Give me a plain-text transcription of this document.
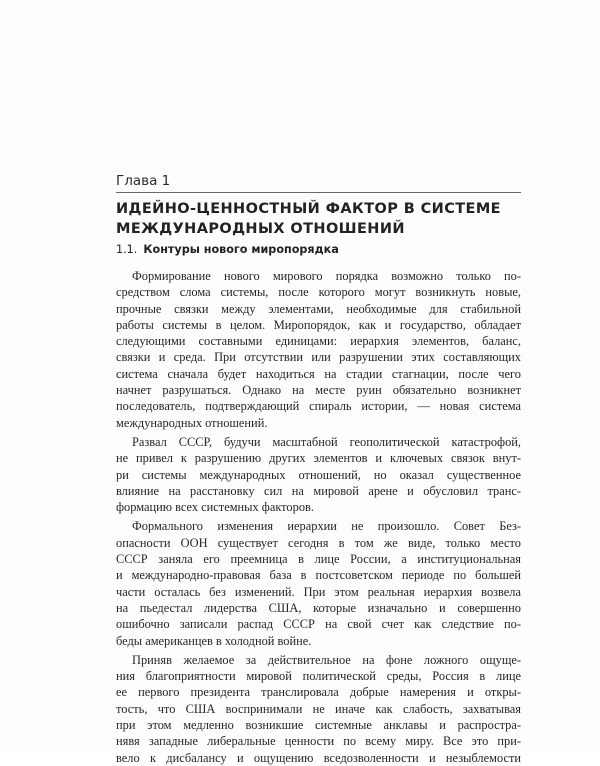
Глава 1

ИДЕЙНО-ЦЕННОСТНЫЙ ФАКТОР В СИСТЕМЕ

МЕЖДУНАРОДНЫХ ОТНОШЕНИЙ

1.1. Контуры нового миропорядка

Формирование нового мирового порядка возможно только по-
средством слома системы, после которого могут возникнуть новые,
прочные связки между элементами, необходимые для стабильной
работы системы в целом. Миропорядок, как и государство, обладает
следующими составными единицами: иерархия элементов, баланс,
связки и среда. При отсутствии или разрушении этих составляющих
система сначала будет находиться на стадии стагнации, после чего
начнет разрушаться. Однако на месте руин обязательно возникнет
последователь, подтверждающий спираль истории, — новая система
международных отношений.
Развал СССР, будучи масштабной геополитической катастрофой,
не привел к разрушению других элементов и ключевых связок внут-
ри системы международных отношений, но оказал существенное
влияние на расстановку сил на мировой арене и обусловил транс-
формацию всех системных факторов.
Формального изменения иерархии не произошло. Совет Без-
опасности ООН существует сегодня в том же виде, только место
СССР заняла его преемница в лице России, а институциональная
и международно-правовая база в постсоветском периоде по большей
части осталась без изменений. При этом реальная иерархия возвела
на пьедестал лидерства США, которые изначально и совершенно
ошибочно записали распад СССР на свой счет как следствие по-
беды американцев в холодной войне.
Приняв желаемое за действительное на фоне ложного ощуще-
ния благоприятности мировой политической среды, Россия в лице
ее первого президента транслировала добрые намерения и откры-
тость, что США воспринимали не иначе как слабость, захватывая
при этом медленно возникшие системные анклавы и распростра-
нявя западные либеральные ценности по всему миру. Все это при-
вело к дисбалансу и ощущению вседозволенности и незыблемости
